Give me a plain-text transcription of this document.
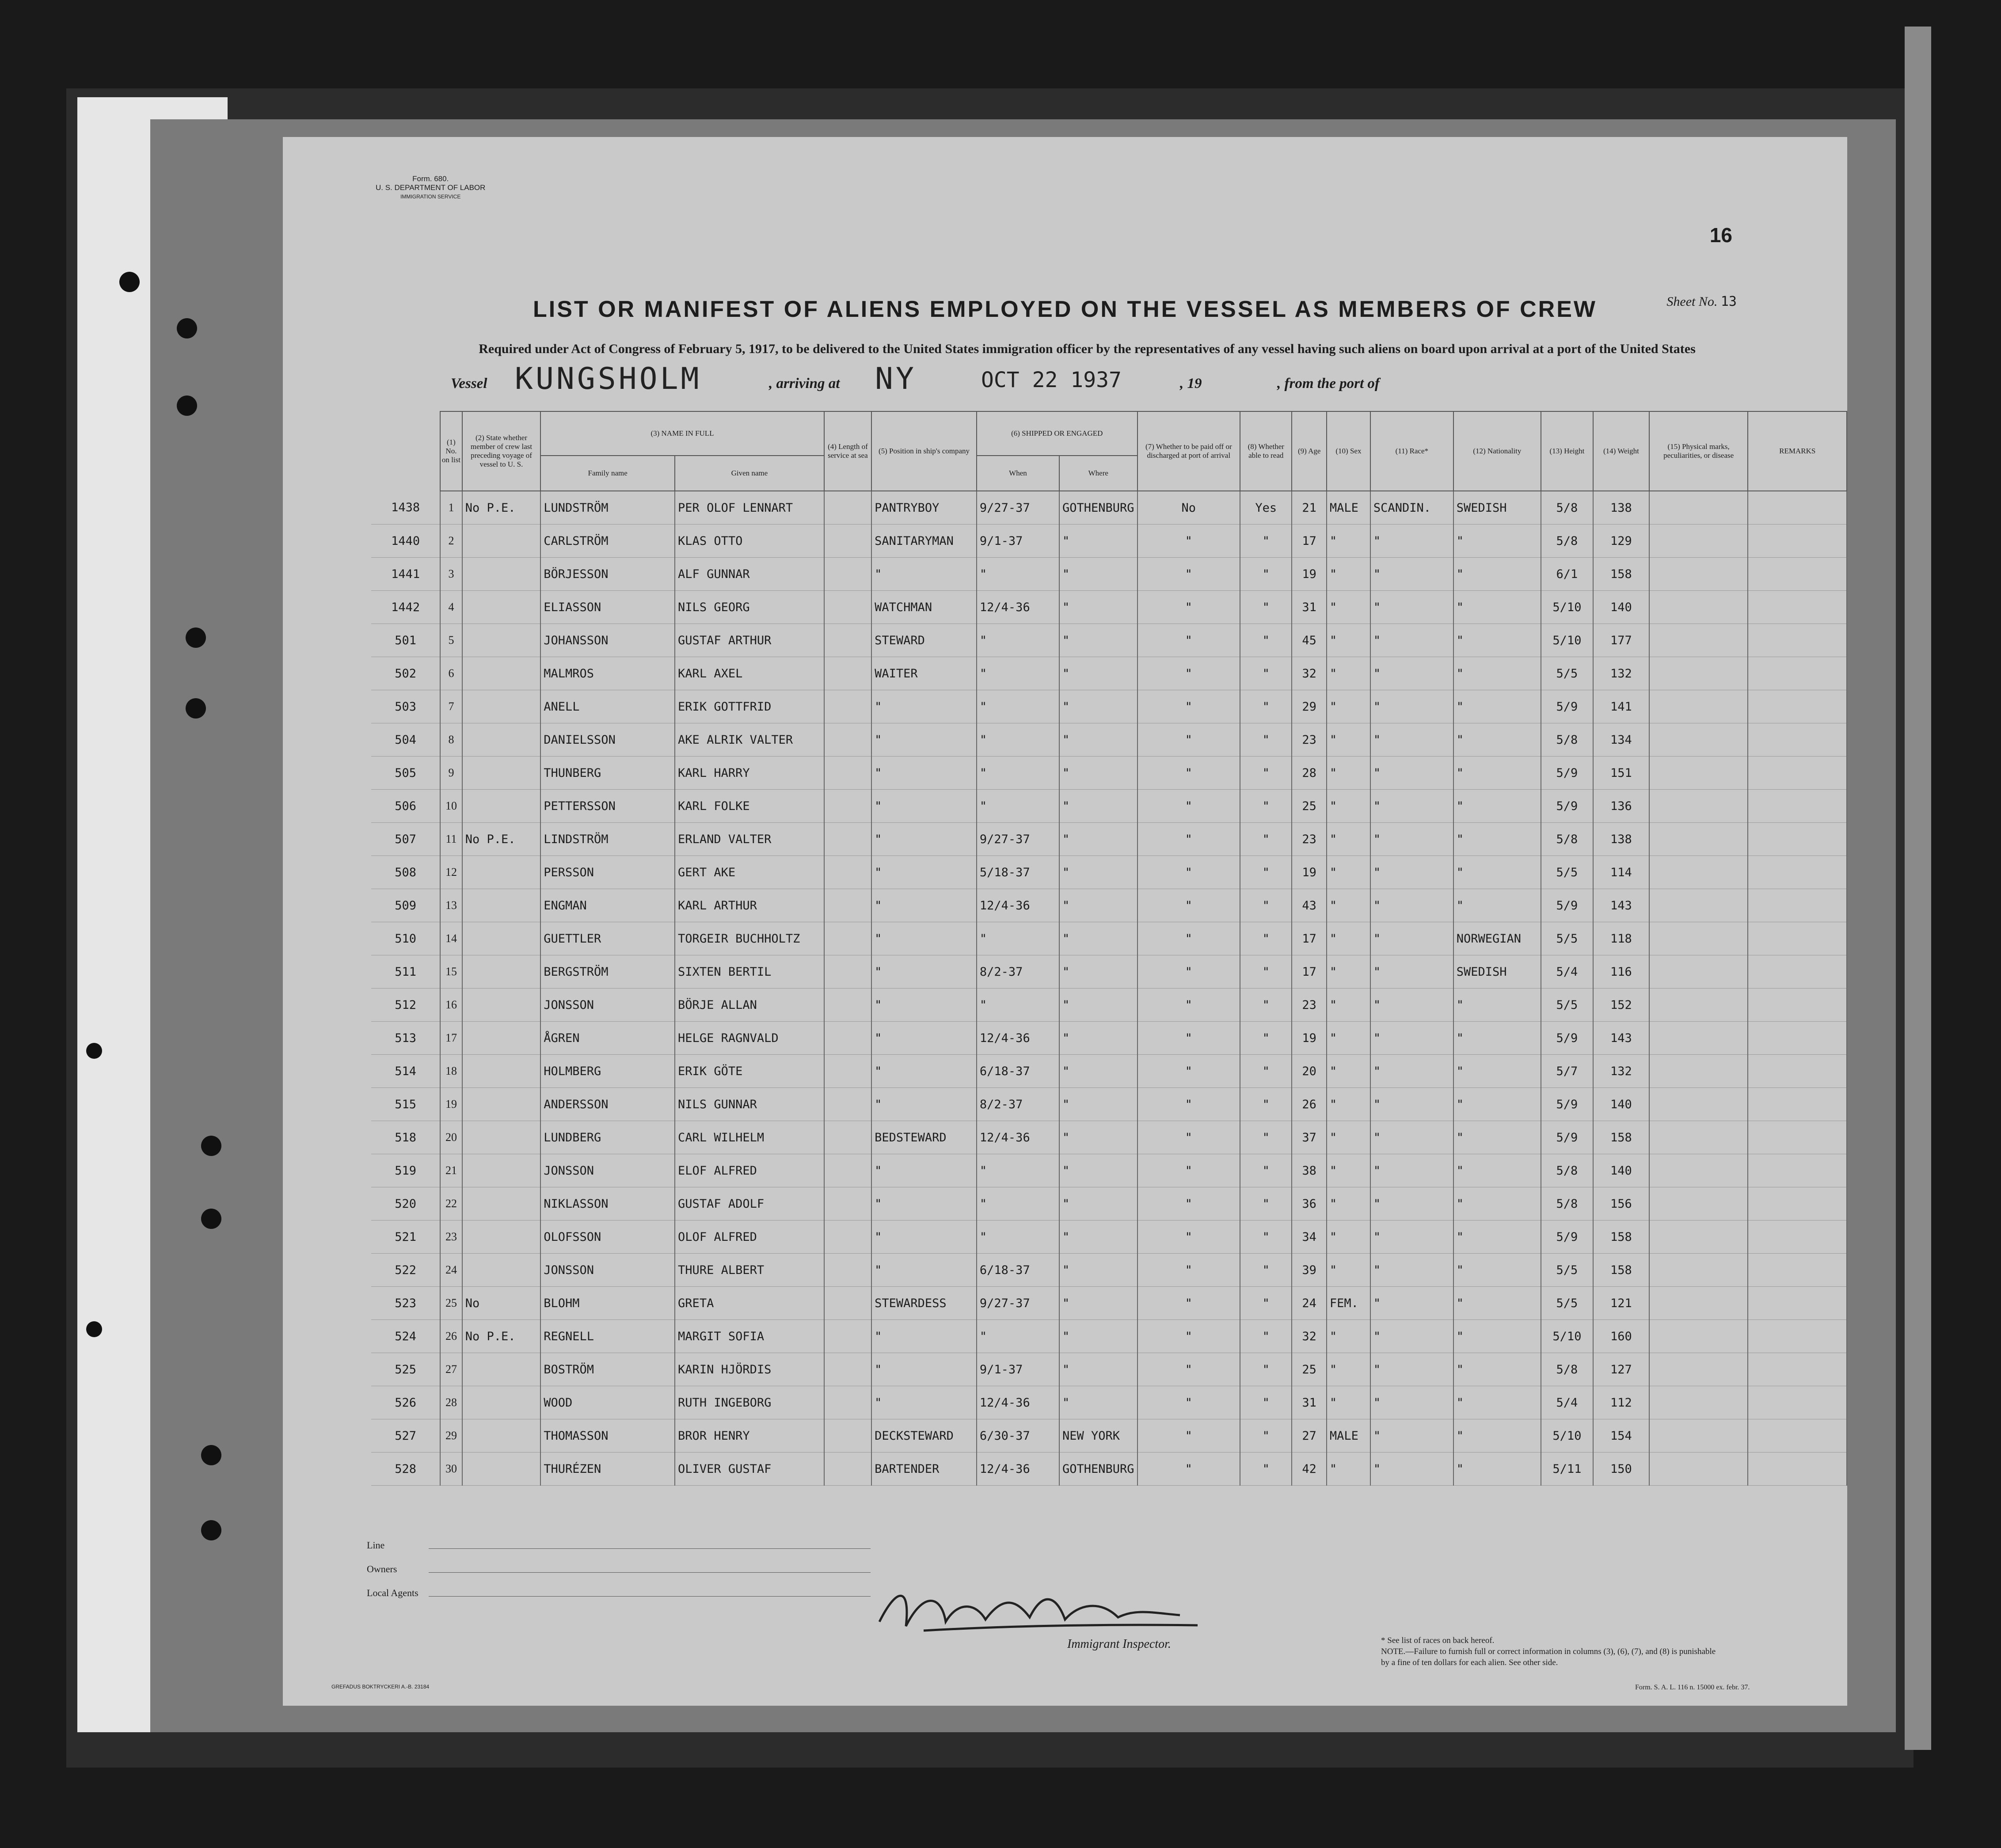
Form. 680.
U. S. DEPARTMENT OF LABOR
IMMIGRATION SERVICE
16
Sheet No. 13
LIST OR MANIFEST OF ALIENS EMPLOYED ON THE VESSEL AS MEMBERS OF CREW
Required under Act of Congress of February 5, 1917, to be delivered to the United States immigration officer by the representatives of any vessel having such aliens on board upon arrival at a port of the United States
Vessel KUNGSHOLM	, arriving at NY	OCT 22 1937	, 19	, from the port of
	(1) No. on list	(2) State whether member of crew last preceding voyage of vessel to U. S.	(3) NAME IN FULL		(4) Length of service at sea	(5) Position in ship's company	(6) SHIPPED OR ENGAGED		(7) Whether to be paid off or discharged at port of arrival	(8) Whether able to read	(9) Age	(10) Sex	(11) Race*	(12) Nationality	(13) Height	(14) Weight	(15) Physical marks, peculiarities, or disease	REMARKS
			Family name	Given name			When	Where										
1438	1	No P.E.	LUNDSTRÖM	PER OLOF LENNART		PANTRYBOY	9/27-37	GOTHENBURG	No	Yes	21	MALE	SCANDIN.	SWEDISH	5/8	138		
1440	2		CARLSTRÖM	KLAS OTTO		SANITARYMAN	9/1-37	"	"	"	17	"	"	"	5/8	129		
1441	3		BÖRJESSON	ALF GUNNAR		"	"	"	"	"	19	"	"	"	6/1	158		
1442	4		ELIASSON	NILS GEORG		WATCHMAN	12/4-36	"	"	"	31	"	"	"	5/10	140		
501	5		JOHANSSON	GUSTAF ARTHUR		STEWARD	"	"	"	"	45	"	"	"	5/10	177		
502	6		MALMROS	KARL AXEL		WAITER	"	"	"	"	32	"	"	"	5/5	132		
503	7		ANELL	ERIK GOTTFRID		"	"	"	"	"	29	"	"	"	5/9	141		
504	8		DANIELSSON	AKE ALRIK VALTER		"	"	"	"	"	23	"	"	"	5/8	134		
505	9		THUNBERG	KARL HARRY		"	"	"	"	"	28	"	"	"	5/9	151		
506	10		PETTERSSON	KARL FOLKE		"	"	"	"	"	25	"	"	"	5/9	136		
507	11	No P.E.	LINDSTRÖM	ERLAND VALTER		"	9/27-37	"	"	"	23	"	"	"	5/8	138		
508	12		PERSSON	GERT AKE		"	5/18-37	"	"	"	19	"	"	"	5/5	114		
509	13		ENGMAN	KARL ARTHUR		"	12/4-36	"	"	"	43	"	"	"	5/9	143		
510	14		GUETTLER	TORGEIR BUCHHOLTZ		"	"	"	"	"	17	"	"	NORWEGIAN	5/5	118		
511	15		BERGSTRÖM	SIXTEN BERTIL		"	8/2-37	"	"	"	17	"	"	SWEDISH	5/4	116		
512	16		JONSSON	BÖRJE ALLAN		"	"	"	"	"	23	"	"	"	5/5	152		
513	17		ÅGREN	HELGE RAGNVALD		"	12/4-36	"	"	"	19	"	"	"	5/9	143		
514	18		HOLMBERG	ERIK GÖTE		"	6/18-37	"	"	"	20	"	"	"	5/7	132		
515	19		ANDERSSON	NILS GUNNAR		"	8/2-37	"	"	"	26	"	"	"	5/9	140		
518	20		LUNDBERG	CARL WILHELM		BEDSTEWARD	12/4-36	"	"	"	37	"	"	"	5/9	158		
519	21		JONSSON	ELOF ALFRED		"	"	"	"	"	38	"	"	"	5/8	140		
520	22		NIKLASSON	GUSTAF ADOLF		"	"	"	"	"	36	"	"	"	5/8	156		
521	23		OLOFSSON	OLOF ALFRED		"	"	"	"	"	34	"	"	"	5/9	158		
522	24		JONSSON	THURE ALBERT		"	6/18-37	"	"	"	39	"	"	"	5/5	158		
523	25	No	BLOHM	GRETA		STEWARDESS	9/27-37	"	"	"	24	FEM.	"	"	5/5	121		
524	26	No P.E.	REGNELL	MARGIT SOFIA		"	"	"	"	"	32	"	"	"	5/10	160		
525	27		BOSTRÖM	KARIN HJÖRDIS		"	9/1-37	"	"	"	25	"	"	"	5/8	127		
526	28		WOOD	RUTH INGEBORG		"	12/4-36	"	"	"	31	"	"	"	5/4	112		
527	29		THOMASSON	BROR HENRY		DECKSTEWARD	6/30-37	NEW YORK	"	"	27	MALE	"	"	5/10	154		
528	30		THURÉZEN	OLIVER GUSTAF		BARTENDER	12/4-36	GOTHENBURG	"	"	42	"	"	"	5/11	150		
Line
Owners
Local Agents
Immigrant Inspector.	* See list of races on back hereof.
NOTE.—Failure to furnish full or correct information in columns (3), (6), (7), and (8) is punishable by a fine of ten dollars for each alien. See other side.
GREFADUS BOKTRYCKERI A.-B. 23184	Form. S. A. L. 116 n. 15000 ex. febr. 37.
